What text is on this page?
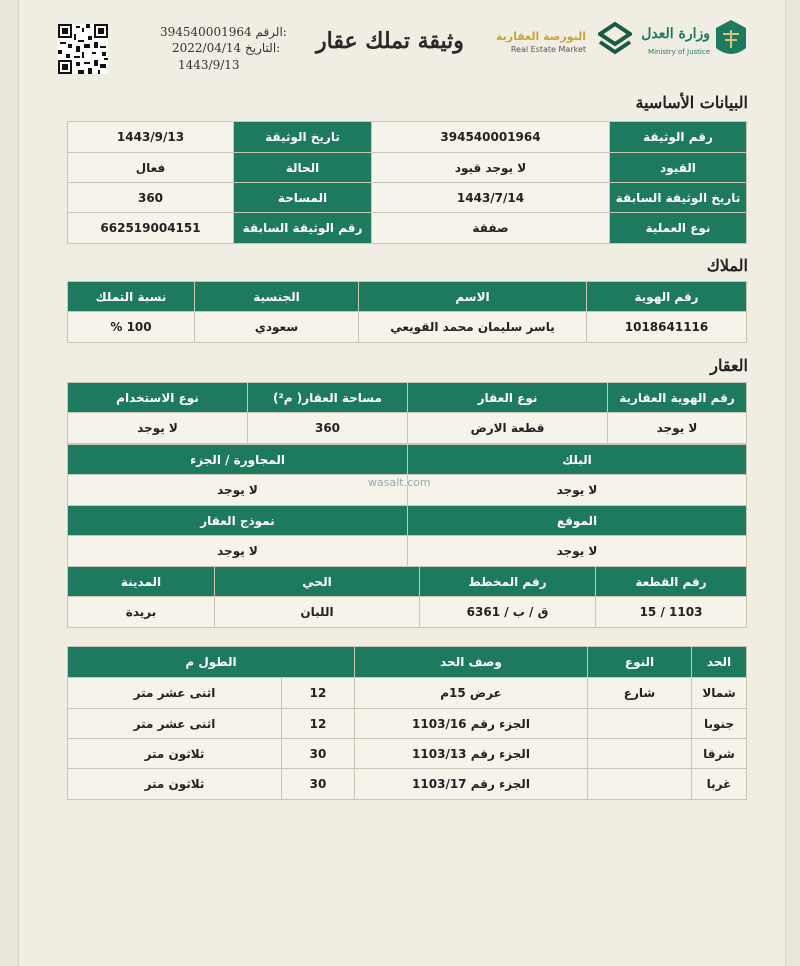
394540001964 الرقم:
2022/04/14 التاريخ:
1443/9/13
وثيقة تملك عقار	البورصة العقارية
Real Estate Market
وزارة العدل
Ministry of Justice
البيانات الأساسية
رقم الوثيقة	394540001964	تاريخ الوثيقة	1443/9/13
القيود	لا يوجد قيود	الحالة	فعال
تاريخ الوثيقة السابقة	1443/7/14	المساحة	360
نوع العملية	صفقة	رقم الوثيقة السابقة	662519004151
الملاك
رقم الهوية	الاسم	الجنسية	نسبة التملك
1018641116	ياسر سليمان محمد القويعي	سعودي	100 %
العقار
رقم الهوية العقارية	نوع العقار	مساحة العقار( م²)	نوع الاستخدام
لا يوجد	قطعة الارض	360	لا يوجد
البلك	المجاورة / الجزء
لا يوجد	لا يوجد
الموقع	نموذج العقار
لا يوجد	لا يوجد
wasalt.com
رقم القطعة	رقم المخطط	الحي	المدينة
1103 / 15	ق / ب / 6361	اللبان	بريدة
الحد	النوع	وصف الحد	الطول م	
شمالا	شارع	عرض 15م	12	اثنى عشر متر
جنوبا		الجزء رقم 1103/16	12	اثنى عشر متر
شرقا		الجزء رقم 1103/13	30	ثلاثون متر
غربا		الجزء رقم 1103/17	30	ثلاثون متر
